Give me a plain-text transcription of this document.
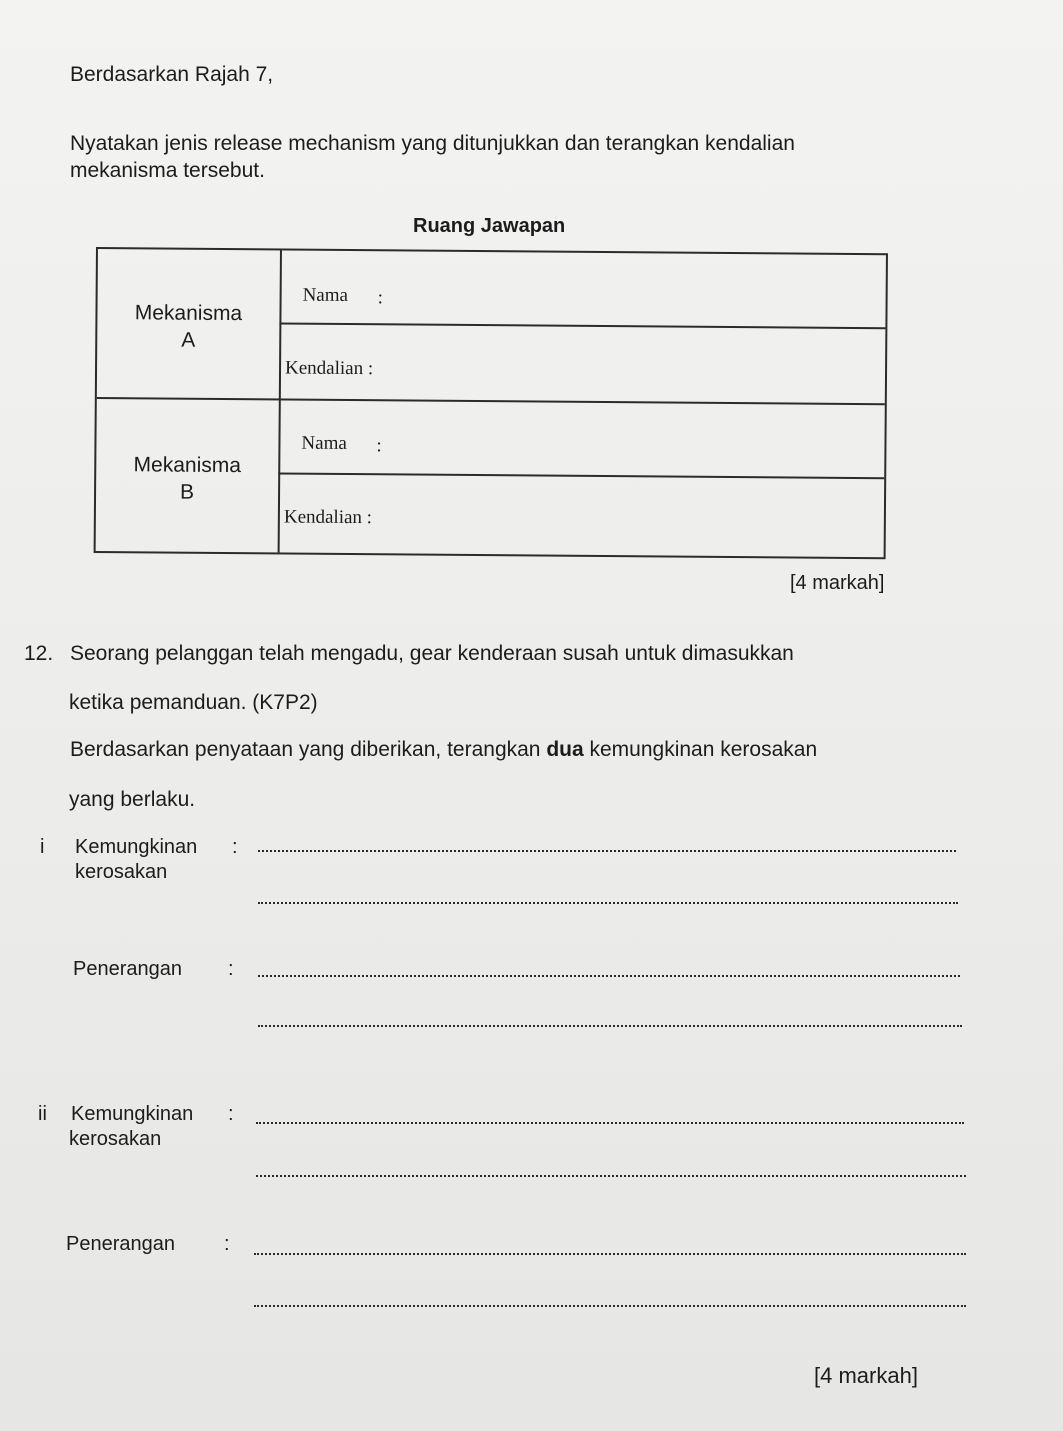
Berdasarkan Rajah 7,
Nyatakan jenis release mechanism yang ditunjukkan dan terangkan kendalian
mekanisma tersebut.
Ruang Jawapan
Mekanisma
A
Nama :
Kendalian :
Mekanisma
B
Nama :
Kendalian :
[4 markah]
12. Seorang pelanggan telah mengadu, gear kenderaan susah untuk dimasukkan
ketika pemanduan. (K7P2)
Berdasarkan penyataan yang diberikan, terangkan dua kemungkinan kerosakan
yang berlaku.
i Kemungkinan
kerosakan
:
Penerangan :
ii Kemungkinan
kerosakan
:
Penerangan :
[4 markah]
